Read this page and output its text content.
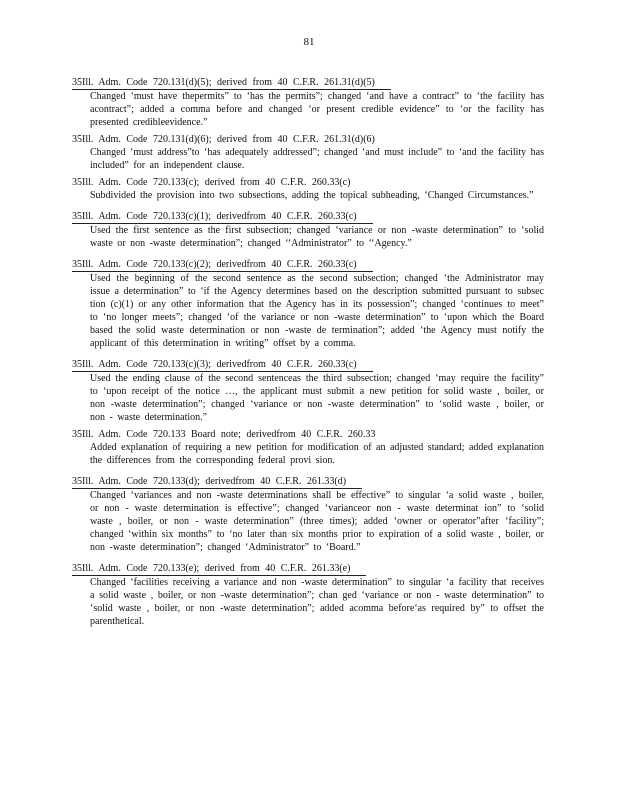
81
35Ill. Adm. Code 720.131(d)(5); derived from 40 C.F.R. 261.31(d)(5)
Changed ‘must have thepermits” to ‘has the permits”; changed ‘and have a contract” to ‘the facility has acontract”; added a comma before and changed ‘or present credible evidence” to ‘or the facility has presented credibleevidence.”
35Ill. Adm. Code 720.131(d)(6); derived from 40 C.F.R. 261.31(d)(6)
Changed ‘must address”to ‘has adequately addressed”; changed ‘and must include” to ‘and the facility has included” for an independent clause.
35Ill. Adm. Code 720.133(c); derived from 40 C.F.R. 260.33(c)
Subdivided the provision into two subsections, adding the topical subheading, ‘Changed Circumstances.”
35Ill. Adm. Code 720.133(c)(1); derivedfrom 40 C.F.R. 260.33(c)
Used the first sentence as the first subsection; changed ‘variance or non -waste determination” to ‘solid waste or non -waste determination”; changed ‘‘Administrator” to ‘‘Agency.”
35Ill. Adm. Code 720.133(c)(2); derivedfrom 40 C.F.R. 260.33(c)
Used the beginning of the second sentence as the second subsection; changed ‘the Administrator may issue a determination” to ‘if the Agency determines based on the description submitted pursuant to subsec tion (c)(1) or any other information that the Agency has in its possession”; changed ‘continues to meet” to ‘no longer meets”; changed ‘of the variance or non -waste determination” to ‘upon which the Board based the solid waste determination or non -waste de termination”; added ‘the Agency must notify the applicant of this determination in writing” offset by a comma.
35Ill. Adm. Code 720.133(c)(3); derivedfrom 40 C.F.R. 260.33(c)
Used the ending clause of the second sentenceas the third subsection; changed ‘may require the facility” to ‘upon receipt of the notice …, the applicant must submit a new petition for solid waste , boiler, or non -waste determination”; changed ‘variance or non -waste determination” to ‘solid waste , boiler, or non - waste determination.”
35Ill. Adm. Code 720.133 Board note; derivedfrom 40 C.F.R. 260.33
Added explanation of requiring a new petition for modification of an adjusted standard; added explanation the differences from the corresponding federal provi sion.
35Ill. Adm. Code 720.133(d); derivedfrom 40 C.F.R. 261.33(d)
Changed ‘variances and non -waste determinations shall be effective” to singular ‘a solid waste , boiler, or non - waste determination is effective”; changed ‘varianceor non - waste determinat ion” to ‘solid waste , boiler, or non - waste determination” (three times); added ‘owner or operator”after ‘facility”; changed ‘within six months” to ‘no later than six months prior to expiration of a solid waste , boiler, or non -waste determination”; changed ‘Administrator” to ‘Board.”
35Ill. Adm. Code 720.133(e); derived from 40 C.F.R. 261.33(e)
Changed ‘facilities receiving a variance and non -waste determination” to singular ‘a facility that receives a solid waste , boiler, or non -waste determination”; chan ged ‘variance or non - waste determination” to ‘solid waste , boiler, or non -waste determination”; added acomma before‘as required by” to offset the parenthetical.
